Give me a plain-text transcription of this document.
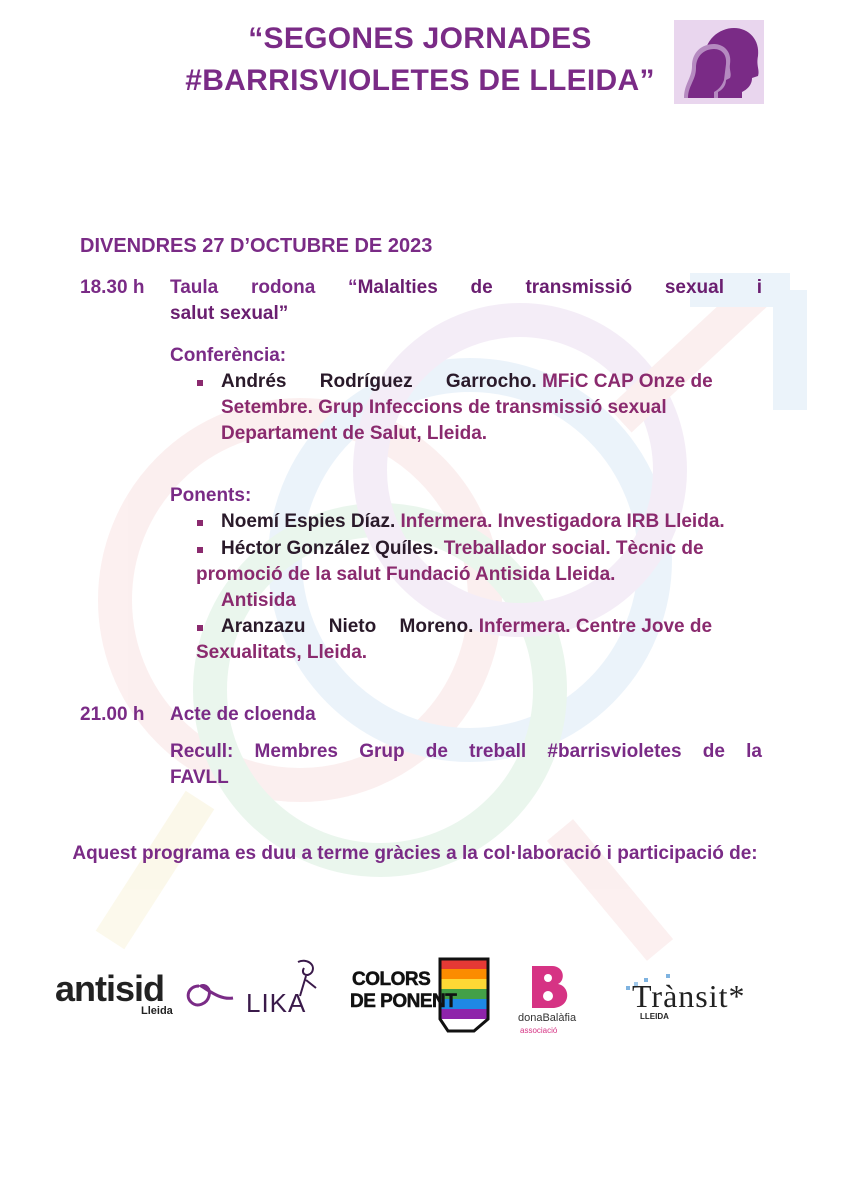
“SEGONES JORNADES
#BARRISVIOLETES DE LLEIDA”
DIVENDRES 27 D’OCTUBRE DE 2023
18.30 h Taula rodona “Malalties de transmissió sexual i
salut sexual”
Conferència:
Andrés Rodríguez Garrocho. MFiC CAP Onze de
Setembre. Grup Infeccions de transmissió sexual
Departament de Salut, Lleida.
Ponents:
Noemí Espies Díaz. Infermera. Investigadora IRB Lleida.
Héctor González Quíles. Treballador social. Tècnic de
promoció de la salut Fundació Antisida Lleida.
Antisida
Aranzazu Nieto Moreno. Infermera. Centre Jove de
Sexualitats, Lleida.
21.00 h Acte de cloenda
Recull: Membres Grup de treball #barrisvioletes de la
FAVLL
Aquest programa es duu a terme gràcies a la col·laboració i participació de:
antisid
Lleida	LIKA
COLORS
DE PONENT
donaBalàfia
associació
Trànsit*
LLEIDA
